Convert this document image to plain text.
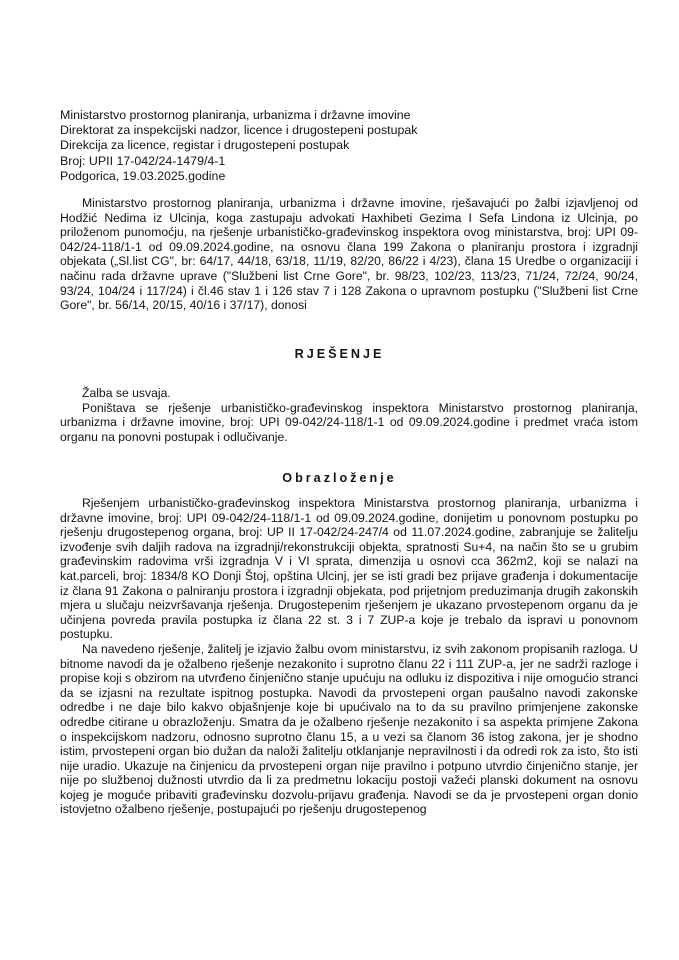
Ministarstvo prostornog planiranja, urbanizma i državne imovine
Direktorat za inspekcijski nadzor, licence i drugostepeni postupak
Direkcija za licence, registar i drugostepeni postupak
Broj: UPII 17-042/24-1479/4-1
Podgorica, 19.03.2025.godine

Ministarstvo prostornog planiranja, urbanizma i državne imovine, rješavajući po žalbi izjavljenoj od Hodžić Nedima iz Ulcinja, koga zastupaju advokati Haxhibeti Gezima I Sefa Lindona iz Ulcinja, po priloženom punomoćju, na rješenje urbanističko-građevinskog inspektora ovog ministarstva, broj: UPI 09-042/24-118/1-1 od 09.09.2024.godine, na osnovu člana 199 Zakona o planiranju prostora i izgradnji objekata („Sl.list CG", br: 64/17, 44/18, 63/18, 11/19, 82/20, 86/22 i 4/23), člana 15 Uredbe o organizaciji i načinu rada državne uprave ("Službeni list Crne Gore", br. 98/23, 102/23, 113/23, 71/24, 72/24, 90/24, 93/24, 104/24 i 117/24) i čl.46 stav 1 i 126 stav 7 i 128 Zakona o upravnom postupku ("Službeni list Crne Gore", br. 56/14, 20/15, 40/16 i 37/17), donosi

RJEŠENJE

Žalba se usvaja.

Poništava se rješenje urbanističko-građevinskog inspektora Ministarstvo prostornog planiranja, urbanizma i državne imovine, broj: UPI 09-042/24-118/1-1 od 09.09.2024.godine i predmet vraća istom organu na ponovni postupak i odlučivanje.

Obrazloženje

Rješenjem urbanističko-građevinskog inspektora Ministarstva prostornog planiranja, urbanizma i državne imovine, broj: UPI 09-042/24-118/1-1 od 09.09.2024.godine, donijetim u ponovnom postupku po rješenju drugostepenog organa, broj: UP II 17-042/24-247/4 od 11.07.2024.godine, zabranjuje se žalitelju izvođenje svih daljih radova na izgradnji/rekonstrukciji objekta, spratnosti Su+4, na način što se u grubim građevinskim radovima vrši izgradnja V i VI sprata, dimenzija u osnovi cca 362m2, koji se nalazi na kat.parceli, broj: 1834/8 KO Donji Štoj, opština Ulcinj, jer se isti gradi bez prijave građenja i dokumentacije iz člana 91 Zakona o palniranju prostora i izgradnji objekata, pod prijetnjom preduzimanja drugih zakonskih mjera u slučaju neizvršavanja rješenja. Drugostepenim rješenjem je ukazano prvostepenom organu da je učinjena povreda pravila postupka iz člana 22 st. 3 i 7 ZUP-a koje je trebalo da ispravi u ponovnom postupku.

Na navedeno rješenje, žalitelj je izjavio žalbu ovom ministarstvu, iz svih zakonom propisanih razloga. U bitnome navodi da je ožalbeno rješenje nezakonito i suprotno članu 22 i 111 ZUP-a, jer ne sadrži razloge i propise koji s obzirom na utvrđeno činjenično stanje upućuju na odluku iz dispozitiva i nije omogućio stranci da se izjasni na rezultate ispitnog postupka. Navodi da prvostepeni organ paušalno navodi zakonske odredbe i ne daje bilo kakvo objašnjenje koje bi upućivalo na to da su pravilno primjenjene zakonske odredbe citirane u obrazloženju. Smatra da je ožalbeno rješenje nezakonito i sa aspekta primjene Zakona o inspekcijskom nadzoru, odnosno suprotno članu 15, a u vezi sa članom 36 istog zakona, jer je shodno istim, prvostepeni organ bio dužan da naloži žalitelju otklanjanje nepravilnosti i da odredi rok za isto, što isti nije uradio. Ukazuje na činjenicu da prvostepeni organ nije pravilno i potpuno utvrdio činjenično stanje, jer nije po službenoj dužnosti utvrdio da li za predmetnu lokaciju postoji važeći planski dokument na osnovu kojeg je moguće pribaviti građevinsku dozvolu-prijavu građenja. Navodi se da je prvostepeni organ donio istovjetno ožalbeno rješenje, postupajući po rješenju drugostepenog
